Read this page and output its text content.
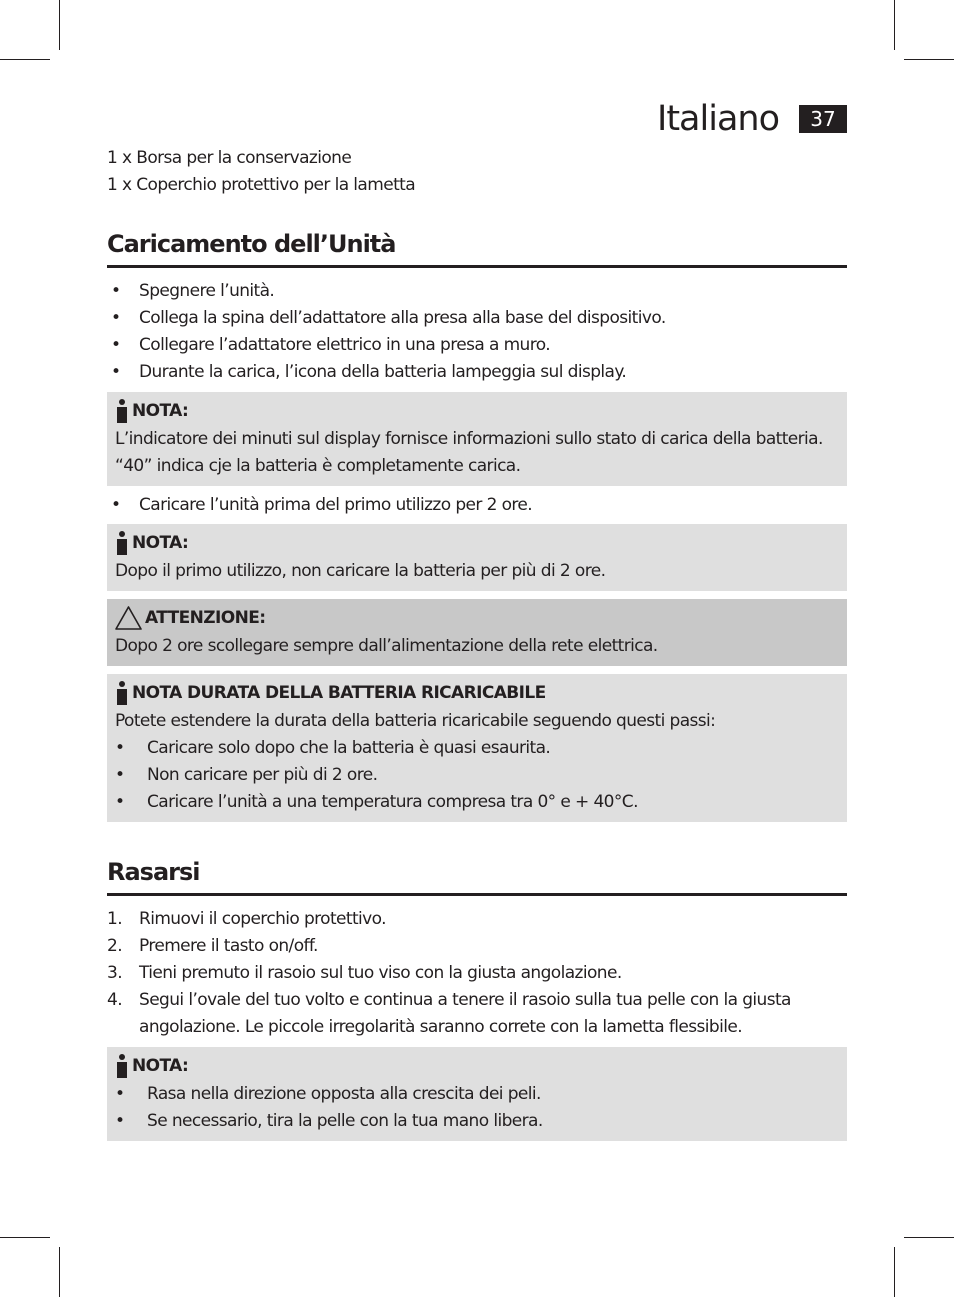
Italiano	37
1 x Borsa per la conservazione
1 x Coperchio protettivo per la lametta
Caricamento dell’Unità
• Spegnere l’unità.
• Collega la spina dell’adattatore alla presa alla base del dispositivo.
• Collegare l’adattatore elettrico in una presa a muro.
• Durante la carica, l’icona della batteria lampeggia sul display.
NOTA:
L’indicatore dei minuti sul display fornisce informazioni sullo stato di carica della batteria.
“40” indica cje la batteria è completamente carica.
• Caricare l’unità prima del primo utilizzo per 2 ore.
NOTA:
Dopo il primo utilizzo, non caricare la batteria per più di 2 ore.
ATTENZIONE:
Dopo 2 ore scollegare sempre dall’alimentazione della rete elettrica.
NOTA DURATA DELLA BATTERIA RICARICABILE
Potete estendere la durata della batteria ricaricabile seguendo questi passi:
• Caricare solo dopo che la batteria è quasi esaurita.
• Non caricare per più di 2 ore.
• Caricare l’unità a una temperatura compresa tra 0° e + 40°C.
Rasarsi
1. Rimuovi il coperchio protettivo.
2. Premere il tasto on/off.
3. Tieni premuto il rasoio sul tuo viso con la giusta angolazione.
4. Segui l’ovale del tuo volto e continua a tenere il rasoio sulla tua pelle con la giusta angolazione. Le piccole irregolarità saranno correte con la lametta flessibile.
NOTA:
• Rasa nella direzione opposta alla crescita dei peli.
• Se necessario, tira la pelle con la tua mano libera.
